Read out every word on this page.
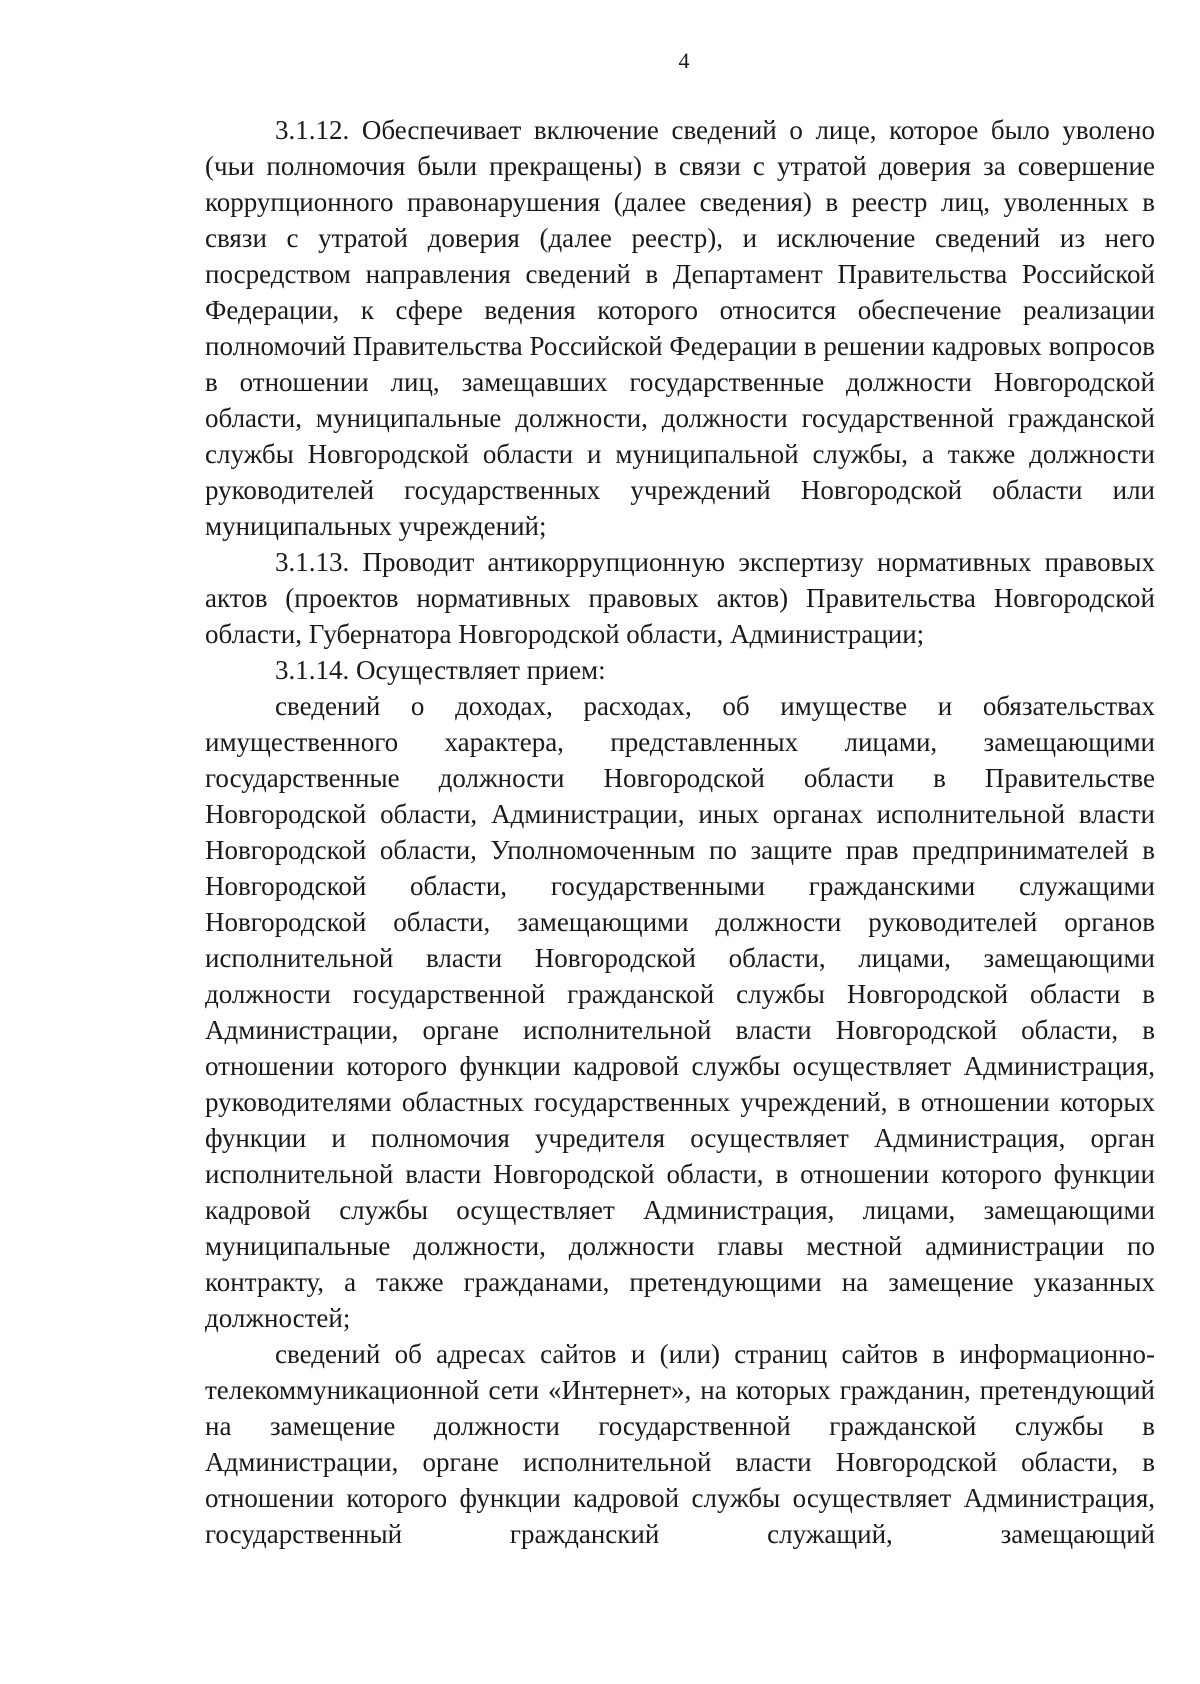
4

3.1.12. Обеспечивает включение сведений о лице, которое было уволено (чьи полномочия были прекращены) в связи с утратой доверия за совершение коррупционного правонарушения (далее сведения) в реестр лиц, уволенных в связи с утратой доверия (далее реестр), и исключение сведений из него посредством направления сведений в Департамент Правительства Российской Федерации, к сфере ведения которого относится обеспечение реализации полномочий Правительства Российской Федерации в решении кадровых вопросов в отношении лиц, замещавших государственные должности Новгородской области, муниципальные должности, должности государственной гражданской службы Новгородской области и муниципальной службы, а также должности руководителей государственных учреждений Новгородской области или муниципальных учреждений;

3.1.13. Проводит антикоррупционную экспертизу нормативных правовых актов (проектов нормативных правовых актов) Правительства Новгородской области, Губернатора Новгородской области, Администрации;

3.1.14. Осуществляет прием:

сведений о доходах, расходах, об имуществе и обязательствах имущественного характера, представленных лицами, замещающими государственные должности Новгородской области в Правительстве Новгородской области, Администрации, иных органах исполнительной власти Новгородской области, Уполномоченным по защите прав предпринимателей в Новгородской области, государственными гражданскими служащими Новгородской области, замещающими должности руководителей органов исполнительной власти Новгородской области, лицами, замещающими должности государственной гражданской службы Новгородской области в Администрации, органе исполнительной власти Новгородской области, в отношении которого функции кадровой службы осуществляет Администрация, руководителями областных государственных учреждений, в отношении которых функции и полномочия учредителя осуществляет Администрация, орган исполнительной власти Новгородской области, в отношении которого функции кадровой службы осуществляет Администрация, лицами, замещающими муниципальные должности, должности главы местной администрации по контракту, а также гражданами, претендующими на замещение указанных должностей;

сведений об адресах сайтов и (или) страниц сайтов в информационно-телекоммуникационной сети «Интернет», на которых гражданин, претендующий на замещение должности государственной гражданской службы в Администрации, органе исполнительной власти Новгородской области, в отношении которого функции кадровой службы осуществляет Администрация, государственный гражданский служащий, замещающий
